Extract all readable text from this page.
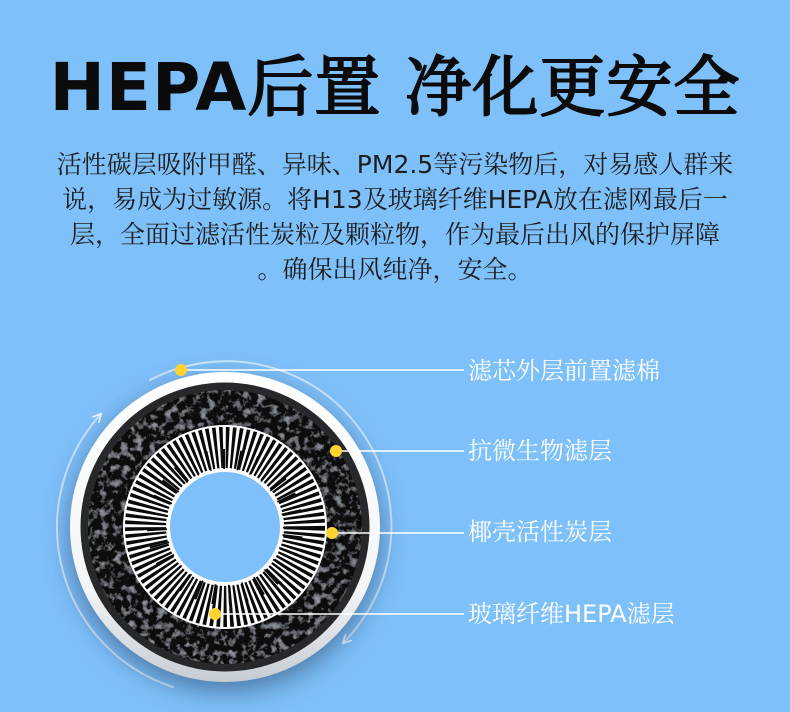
HEPA后置 净化更安全
活性碳层吸附甲醛、异味、PM2.5等污染物后，对易感人群来
说，易成为过敏源。将H13及玻璃纤维HEPA放在滤网最后一
层，全面过滤活性炭粒及颗粒物，作为最后出风的保护屏障
。确保出风纯净，安全。
滤芯外层前置滤棉
抗微生物滤层
椰壳活性炭层
玻璃纤维HEPA滤层
